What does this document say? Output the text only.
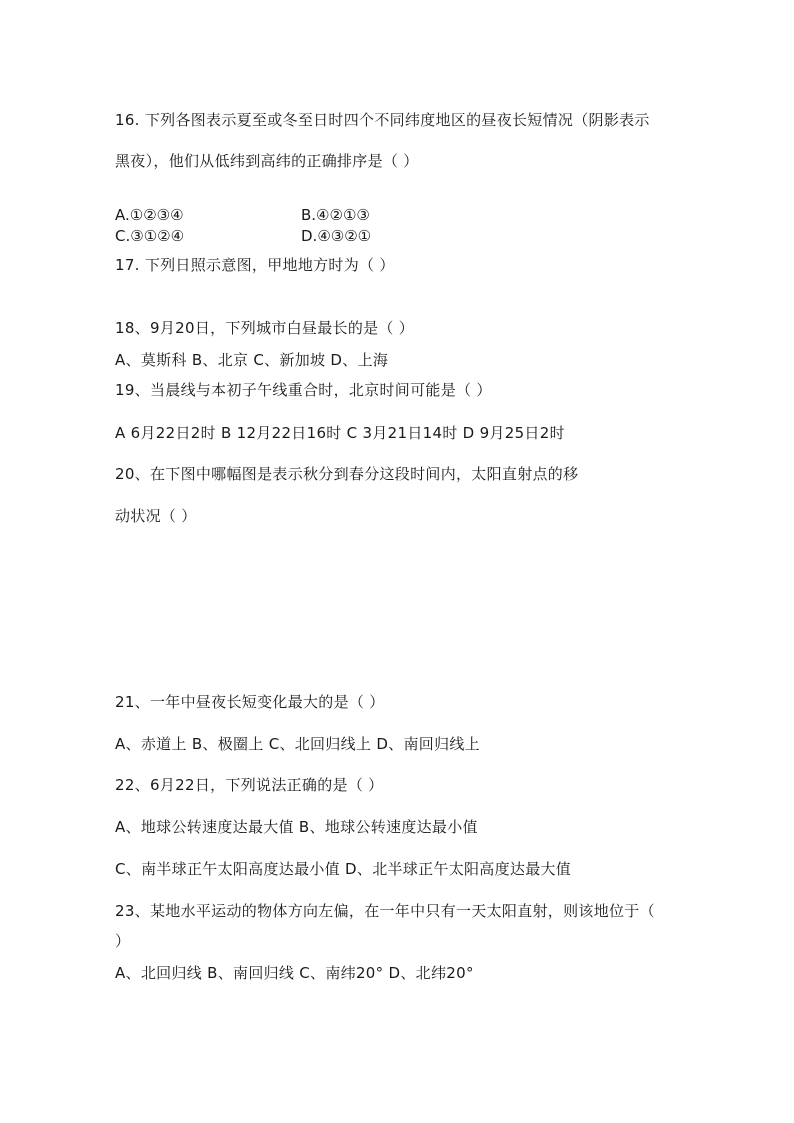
16. 下列各图表示夏至或冬至日时四个不同纬度地区的昼夜长短情况（阴影表示
黑夜），他们从低纬到高纬的正确排序是（ ）
A.①②③④	B.④②①③
C.③①②④	D.④③②①
17. 下列日照示意图，甲地地方时为（ ）
18、9月20日，下列城市白昼最长的是（ ）
A、莫斯科 B、北京 C、新加坡 D、上海
19、当晨线与本初子午线重合时，北京时间可能是（ ）
A 6月22日2时 B 12月22日16时 C 3月21日14时 D 9月25日2时
20、在下图中哪幅图是表示秋分到春分这段时间内，太阳直射点的移
动状况（ ）
21、一年中昼夜长短变化最大的是（ ）
A、赤道上 B、极圈上 C、北回归线上 D、南回归线上
22、6月22日，下列说法正确的是（ ）
A、地球公转速度达最大值 B、地球公转速度达最小值
C、南半球正午太阳高度达最小值 D、北半球正午太阳高度达最大值
23、某地水平运动的物体方向左偏，在一年中只有一天太阳直射，则该地位于（
）
A、北回归线 B、南回归线 C、南纬20° D、北纬20°
